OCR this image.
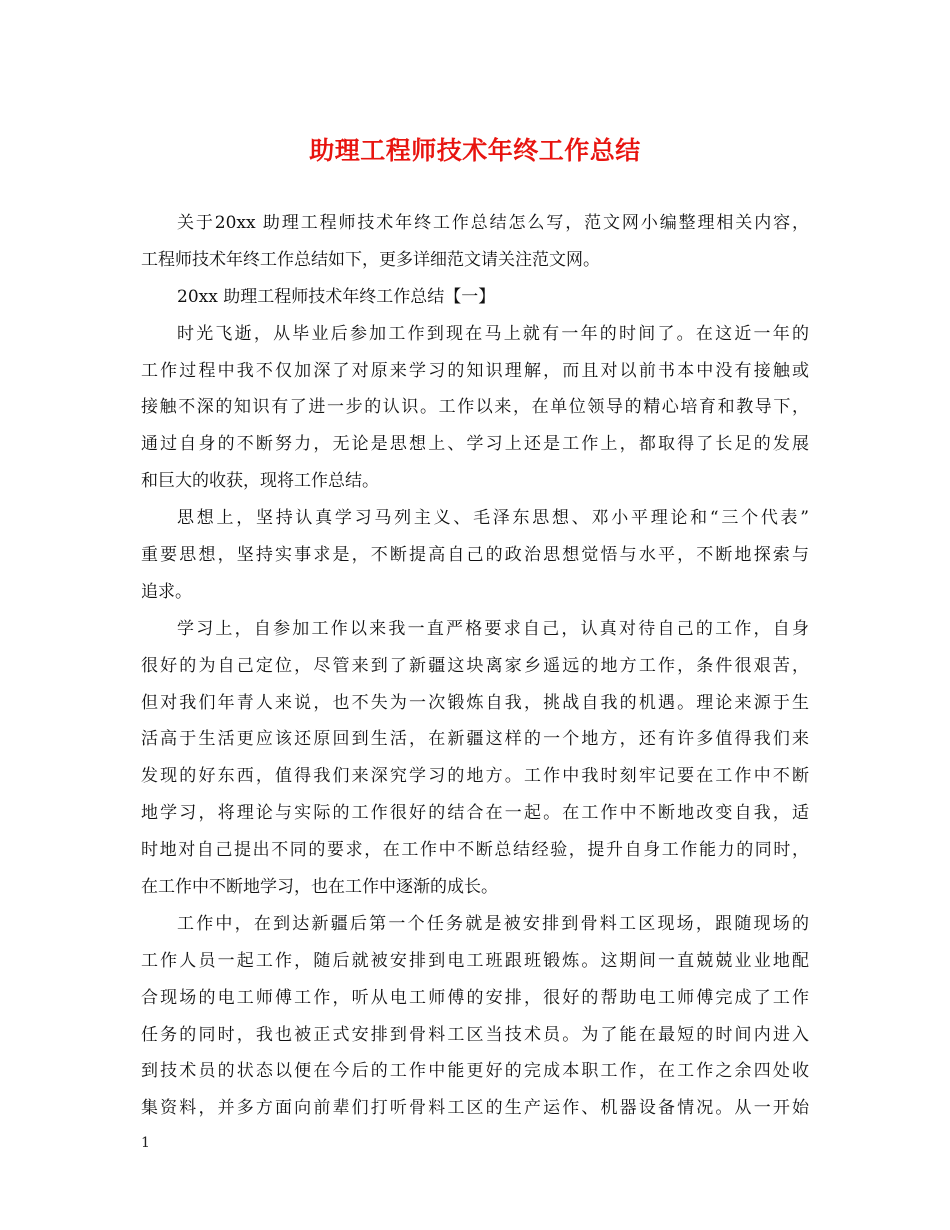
助理工程师技术年终工作总结
关于20xx 助理工程师技术年终工作总结怎么写，范文网小编整理相关内容，
工程师技术年终工作总结如下，更多详细范文请关注范文网。
20xx 助理工程师技术年终工作总结【一】
时光飞逝，从毕业后参加工作到现在马上就有一年的时间了。在这近一年的
工作过程中我不仅加深了对原来学习的知识理解，而且对以前书本中没有接触或
接触不深的知识有了进一步的认识。工作以来，在单位领导的精心培育和教导下，
通过自身的不断努力，无论是思想上、学习上还是工作上，都取得了长足的发展
和巨大的收获，现将工作总结。
思想上，坚持认真学习马列主义、毛泽东思想、邓小平理论和“三个代表”
重要思想，坚持实事求是，不断提高自己的政治思想觉悟与水平，不断地探索与
追求。
学习上，自参加工作以来我一直严格要求自己，认真对待自己的工作，自身
很好的为自己定位，尽管来到了新疆这块离家乡遥远的地方工作，条件很艰苦，
但对我们年青人来说，也不失为一次锻炼自我，挑战自我的机遇。理论来源于生
活高于生活更应该还原回到生活，在新疆这样的一个地方，还有许多值得我们来
发现的好东西，值得我们来深究学习的地方。工作中我时刻牢记要在工作中不断
地学习，将理论与实际的工作很好的结合在一起。在工作中不断地改变自我，适
时地对自己提出不同的要求，在工作中不断总结经验，提升自身工作能力的同时，
在工作中不断地学习，也在工作中逐渐的成长。
工作中，在到达新疆后第一个任务就是被安排到骨料工区现场，跟随现场的
工作人员一起工作，随后就被安排到电工班跟班锻炼。这期间一直兢兢业业地配
合现场的电工师傅工作，听从电工师傅的安排，很好的帮助电工师傅完成了工作
任务的同时，我也被正式安排到骨料工区当技术员。为了能在最短的时间内进入
到技术员的状态以便在今后的工作中能更好的完成本职工作，在工作之余四处收
集资料，并多方面向前辈们打听骨料工区的生产运作、机器设备情况。从一开始
1
